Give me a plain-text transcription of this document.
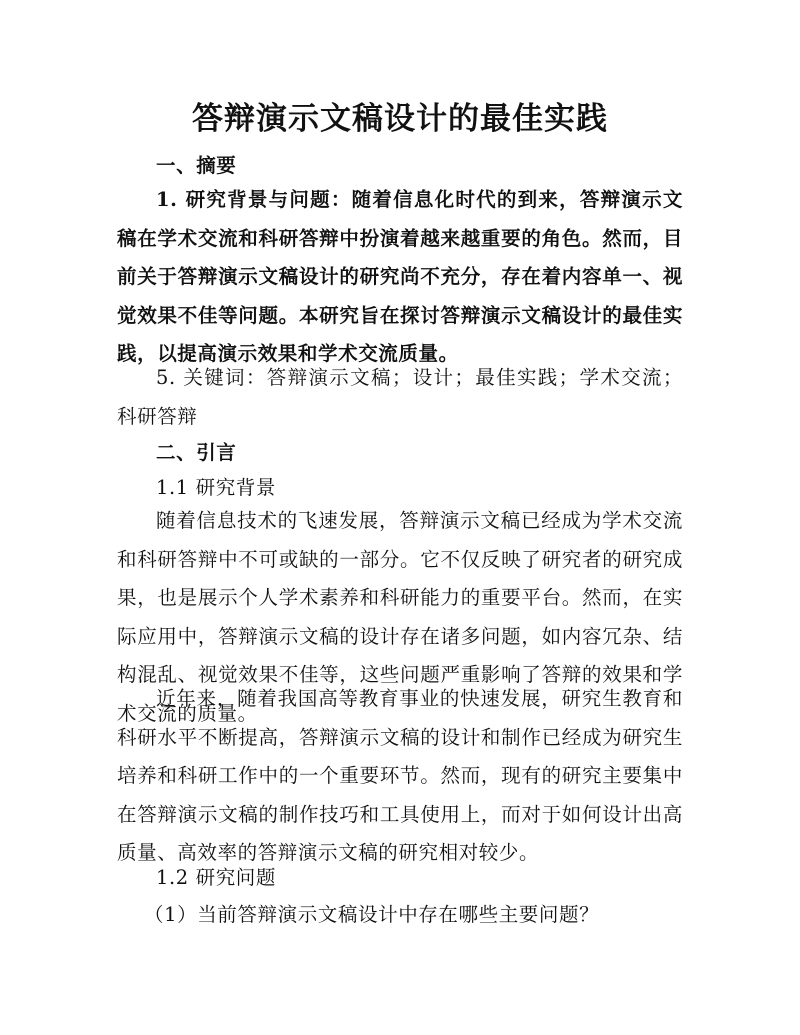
答辩演示文稿设计的最佳实践

一、摘要

1. 研究背景与问题：随着信息化时代的到来，答辩演示文稿在学术交流和科研答辩中扮演着越来越重要的角色。然而，目前关于答辩演示文稿设计的研究尚不充分，存在着内容单一、视觉效果不佳等问题。本研究旨在探讨答辩演示文稿设计的最佳实践，以提高演示效果和学术交流质量。

5. 关键词：答辩演示文稿；设计；最佳实践；学术交流；科研答辩

二、引言

1.1 研究背景

随着信息技术的飞速发展，答辩演示文稿已经成为学术交流和科研答辩中不可或缺的一部分。它不仅反映了研究者的研究成果，也是展示个人学术素养和科研能力的重要平台。然而，在实际应用中，答辩演示文稿的设计存在诸多问题，如内容冗杂、结构混乱、视觉效果不佳等，这些问题严重影响了答辩的效果和学术交流的质量。

近年来，随着我国高等教育事业的快速发展，研究生教育和科研水平不断提高，答辩演示文稿的设计和制作已经成为研究生培养和科研工作中的一个重要环节。然而，现有的研究主要集中在答辩演示文稿的制作技巧和工具使用上，而对于如何设计出高质量、高效率的答辩演示文稿的研究相对较少。

1.2 研究问题

（1）当前答辩演示文稿设计中存在哪些主要问题？
